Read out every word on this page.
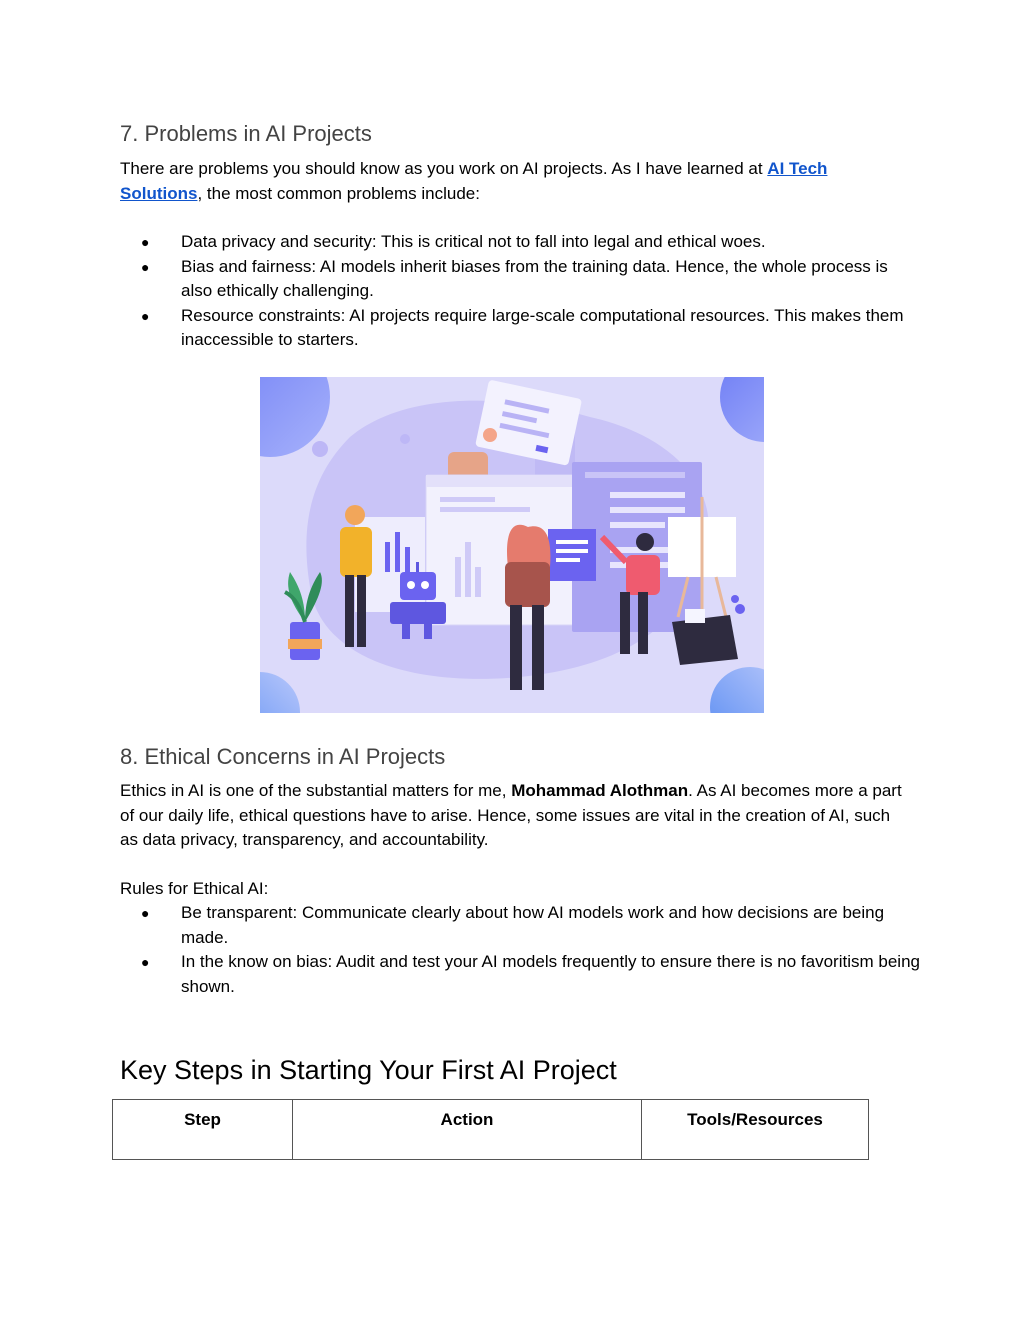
7. Problems in AI Projects
There are problems you should know as you work on AI projects. As I have learned at AI Tech Solutions, the most common problems include:
● Data privacy and security: This is critical not to fall into legal and ethical woes.
● Bias and fairness: AI models inherit biases from the training data. Hence, the whole process is also ethically challenging.
● Resource constraints: AI projects require large-scale computational resources. This makes them inaccessible to starters.
8. Ethical Concerns in AI Projects
Ethics in AI is one of the substantial matters for me, Mohammad Alothman. As AI becomes more a part of our daily life, ethical questions have to arise. Hence, some issues are vital in the creation of AI, such as data privacy, transparency, and accountability.
Rules for Ethical AI:
● Be transparent: Communicate clearly about how AI models work and how decisions are being made.
● In the know on bias: Audit and test your AI models frequently to ensure there is no favoritism being shown.
Key Steps in Starting Your First AI Project
Step	Action	Tools/Resources
